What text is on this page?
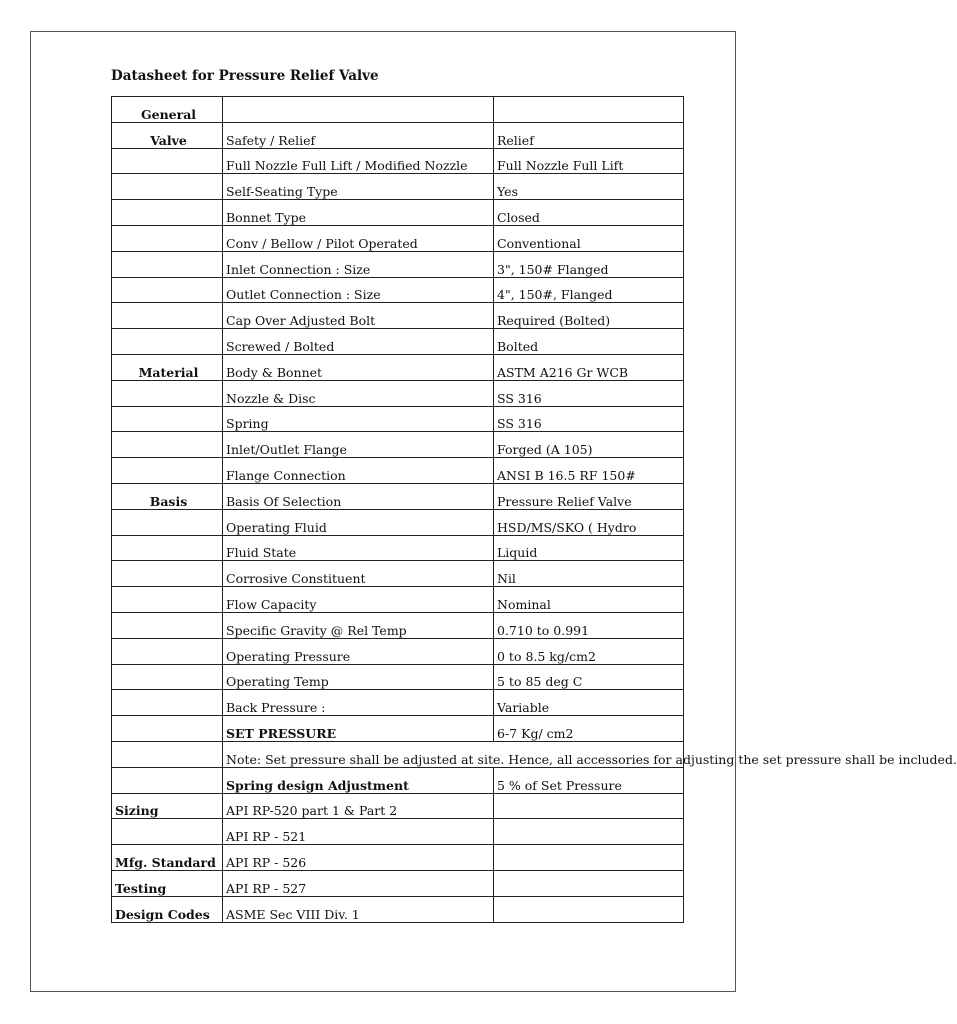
Datasheet for Pressure Relief Valve
General		
Valve	Safety / Relief	Relief
	Full Nozzle Full Lift / Modified Nozzle	Full Nozzle Full Lift
	Self-Seating Type	Yes
	Bonnet Type	Closed
	Conv / Bellow / Pilot Operated	Conventional
	Inlet Connection : Size	3", 150# Flanged
	Outlet Connection : Size	4", 150#, Flanged
	Cap Over Adjusted Bolt	Required (Bolted)
	Screwed / Bolted	Bolted
Material	Body & Bonnet	ASTM A216 Gr WCB
	Nozzle & Disc	SS 316
	Spring	SS 316
	Inlet/Outlet Flange	Forged (A 105)
	Flange Connection	ANSI B 16.5 RF 150#
Basis	Basis Of Selection	Pressure Relief Valve
	Operating Fluid	HSD/MS/SKO ( Hydro
	Fluid State	Liquid
	Corrosive Constituent	Nil
	Flow Capacity	Nominal
	Specific Gravity @ Rel Temp	0.710 to 0.991
	Operating Pressure	0 to 8.5 kg/cm2
	Operating Temp	5 to 85 deg C
	Back Pressure :	Variable
	SET PRESSURE	6-7 Kg/ cm2
	Note: Set pressure shall be adjusted at site. Hence, all accessories for adjusting the set pressure shall be included.	
	Spring design Adjustment	5 % of Set Pressure
Sizing	API RP-520 part 1 & Part 2	
	API RP - 521	
Mfg. Standard	API RP - 526	
Testing	API RP - 527	
Design Codes	ASME Sec VIII Div. 1	
